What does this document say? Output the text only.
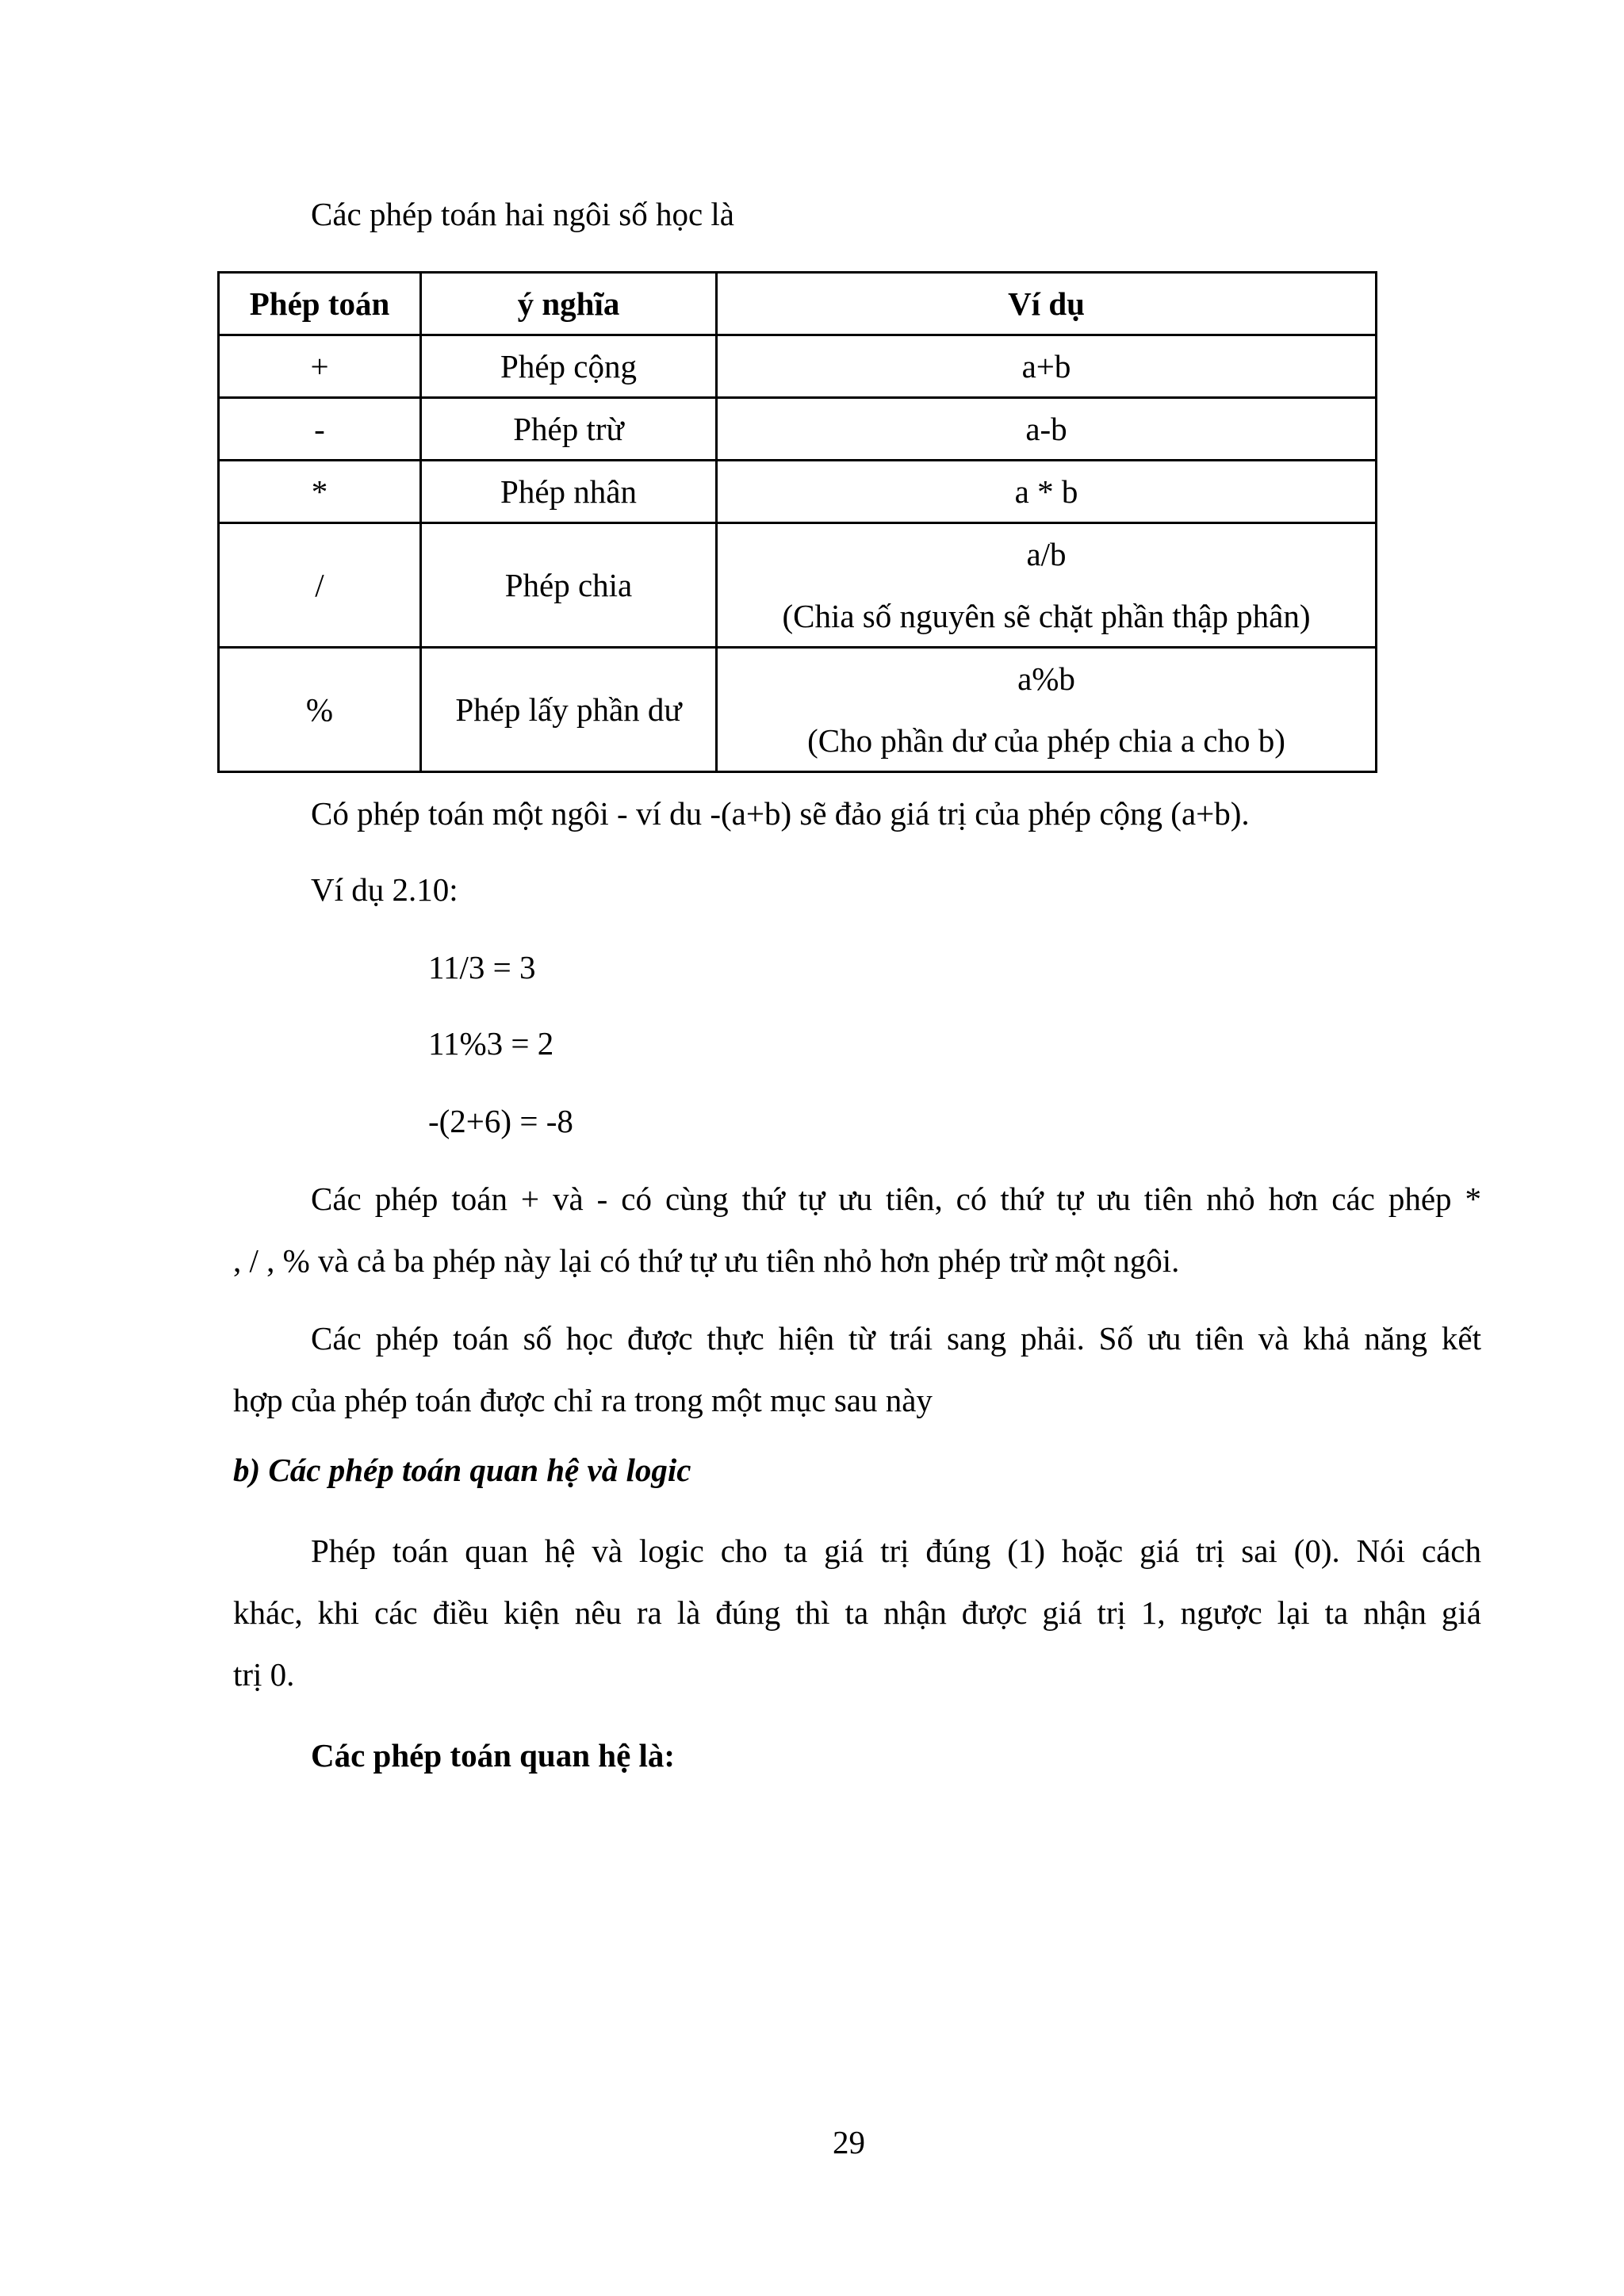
Các phép toán hai ngôi số học là
Phép toán	ý nghĩa	Ví dụ
+	Phép cộng	a+b

-	Phép trừ	a-b

*	Phép nhân	a * b

/	Phép chia	a/b
(Chia số nguyên sẽ chặt phần thập phân)

%	Phép lấy phần dư	a%b
(Cho phần dư của phép chia a cho b)
Có phép toán một ngôi - ví du -(a+b) sẽ đảo giá trị của phép cộng (a+b).
Ví dụ 2.10:
11/3 = 3
11%3 = 2
-(2+6) = -8
Các phép toán + và - có cùng thứ tự ưu tiên, có thứ tự ưu tiên nhỏ hơn các phép *
, / , % và cả ba phép này lại có thứ tự ưu tiên nhỏ hơn phép trừ một ngôi.
Các phép toán số học được thực hiện từ trái sang phải. Số ưu tiên và khả năng kết
hợp của phép toán được chỉ ra trong một mục sau này
b) Các phép toán quan hệ và logic
Phép toán quan hệ và logic cho ta giá trị đúng (1) hoặc giá trị sai (0). Nói cách
khác, khi các điều kiện nêu ra là đúng thì ta nhận được giá trị 1, ngược lại ta nhận giá
trị 0.
Các phép toán quan hệ là:
29
